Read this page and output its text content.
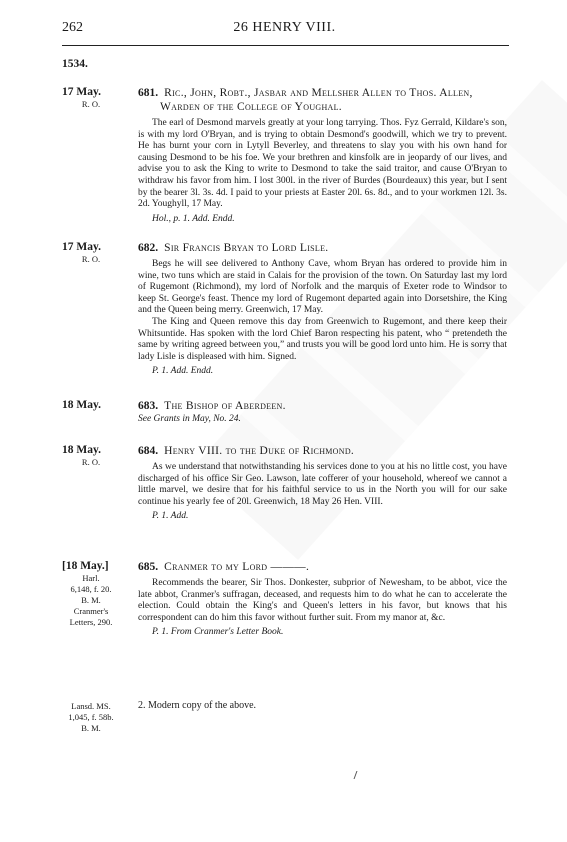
262	26 HENRY VIII.
1534.
17 May.
R. O.
681. Ric., John, Robt., Jasbar and Mellsher Allen to Thos. Allen, Warden of the College of Youghal.

The earl of Desmond marvels greatly at your long tarrying. Thos. Fyz Gerrald, Kildare's son, is with my lord O'Bryan, and is trying to obtain Desmond's goodwill, which we try to prevent. He has burnt your corn in Lytyll Beverley, and threatens to slay you with his own hand for causing Desmond to be his foe. We your brethren and kinsfolk are in jeopardy of our lives, and advise you to ask the King to write to Desmond to take the said traitor, and cause O'Bryan to withdraw his favor from him. I lost 300l. in the river of Burdes (Bourdeaux) this year, but I sent by the bearer 3l. 3s. 4d. I paid to your priests at Easter 20l. 6s. 8d., and to your workmen 12l. 3s. 2d. Youghyll, 17 May.

Hol., p. 1. Add. Endd.
17 May.
R. O.
682. Sir Francis Bryan to Lord Lisle.

Begs he will see delivered to Anthony Cave, whom Bryan has ordered to provide him in wine, two tuns which are staid in Calais for the provision of the town. On Saturday last my lord of Rugemont (Richmond), my lord of Norfolk and the marquis of Exeter rode to Windsor to keep St. George's feast. Thence my lord of Rugemont departed again into Dorsetshire, the King and the Queen being merry. Greenwich, 17 May.

The King and Queen remove this day from Greenwich to Rugemont, and there keep their Whitsuntide. Has spoken with the lord Chief Baron respecting his patent, who “ pretendeth the same by writing agreed between you,” and trusts you will be good lord unto him. He is sorry that lady Lisle is displeased with him. Signed.

P. 1. Add. Endd.
18 May.	683. The Bishop of Aberdeen.
See Grants in May, No. 24.
18 May.
R. O.
684. Henry VIII. to the Duke of Richmond.

As we understand that notwithstanding his services done to you at his no little cost, you have discharged of his office Sir Geo. Lawson, late cofferer of your household, whereof we cannot a little marvel, we desire that for his faithful service to us in the North you will for our sake continue his yearly fee of 20l. Greenwich, 18 May 26 Hen. VIII.

P. 1. Add.
[18 May.]
Harl.
6,148, f. 20.
B. M.
Cranmer's
Letters, 290.
685. Cranmer to my Lord ———.

Recommends the bearer, Sir Thos. Donkester, subprior of Newesham, to be abbot, vice the late abbot, Cranmer's suffragan, deceased, and requests him to do what he can to accelerate the election. Could obtain the King's and Queen's letters in his favor, but knows that his correspondent can do him this favor without further suit. From my manor at, &c.

P. 1. From Cranmer's Letter Book.
Lansd. MS.
1,045, f. 58b.
B. M.
2. Modern copy of the above.
